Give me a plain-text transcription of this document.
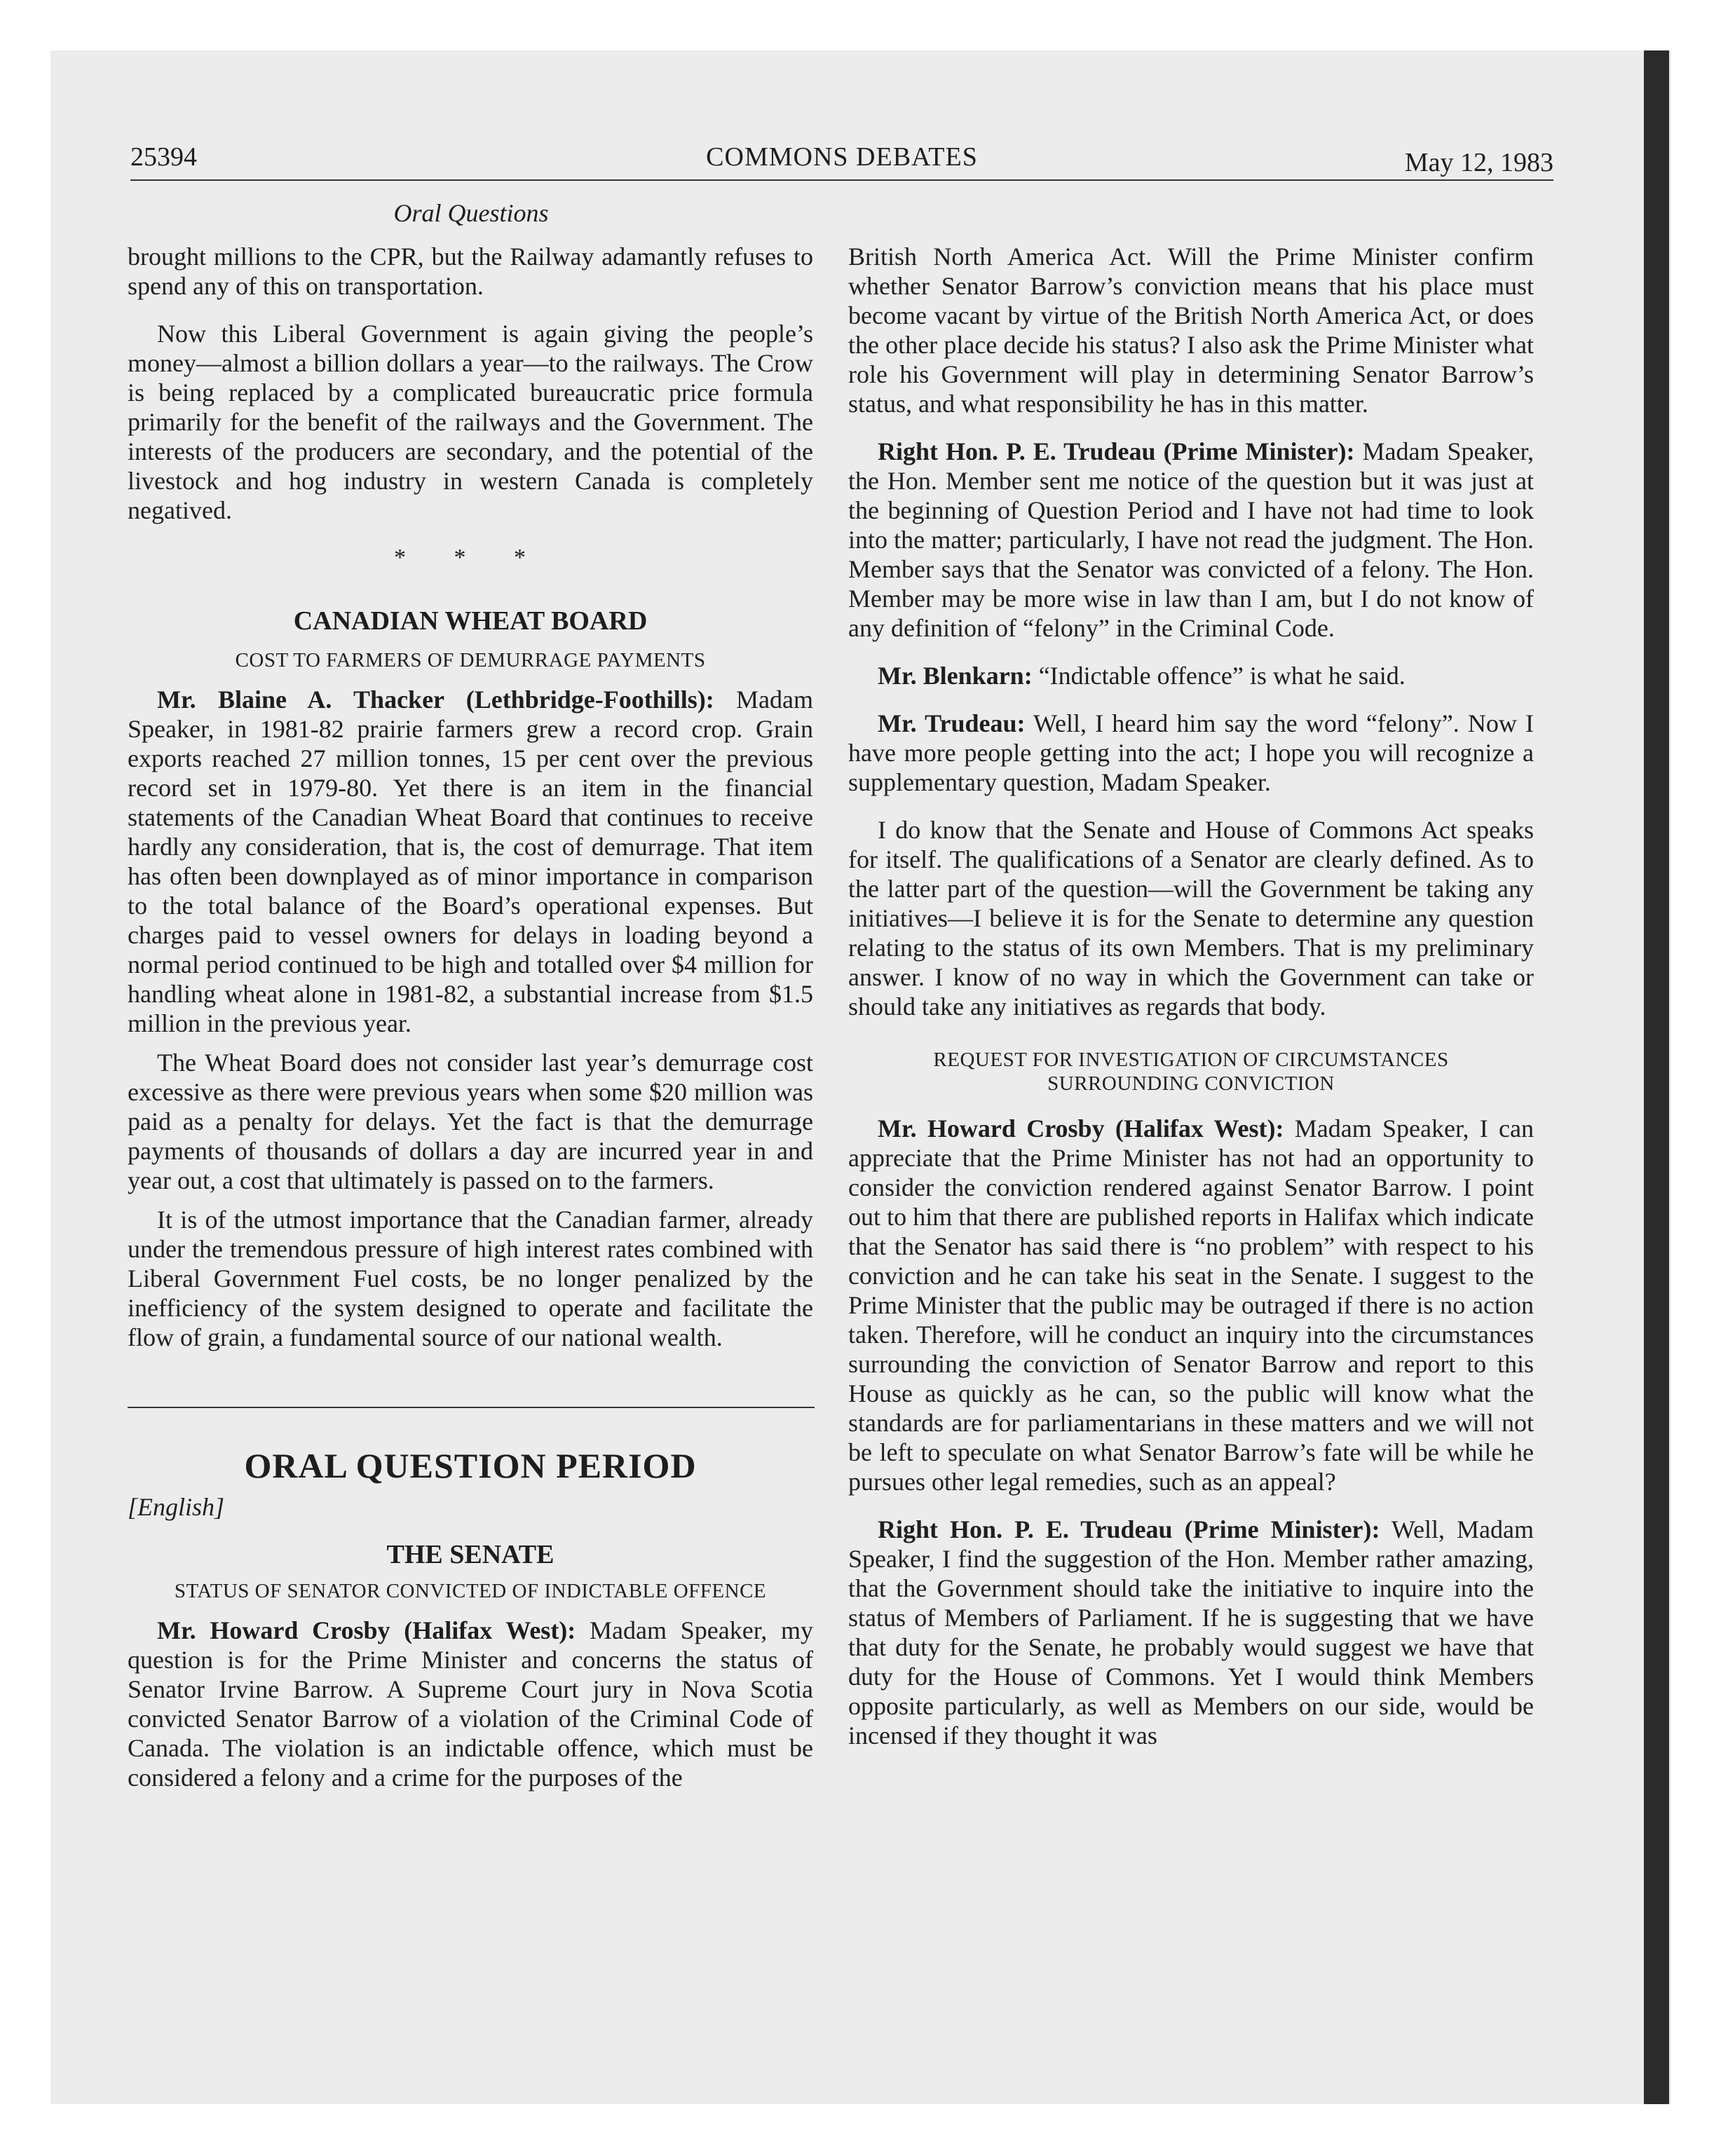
25394	COMMONS DEBATES	May 12, 1983
Oral Questions

brought millions to the CPR, but the Railway adamantly refuses to spend any of this on transportation.

Now this Liberal Government is again giving the people’s money—almost a billion dollars a year—to the railways. The Crow is being replaced by a complicated bureaucratic price formula primarily for the benefit of the railways and the Government. The interests of the producers are secondary, and the potential of the livestock and hog industry in western Canada is completely negatived.

* * *
CANADIAN WHEAT BOARD
COST TO FARMERS OF DEMURRAGE PAYMENTS

Mr. Blaine A. Thacker (Lethbridge-Foothills): Madam Speaker, in 1981-82 prairie farmers grew a record crop. Grain exports reached 27 million tonnes, 15 per cent over the previous record set in 1979-80. Yet there is an item in the financial statements of the Canadian Wheat Board that continues to receive hardly any consideration, that is, the cost of demurrage. That item has often been downplayed as of minor importance in comparison to the total balance of the Board’s operational expenses. But charges paid to vessel owners for delays in loading beyond a normal period continued to be high and totalled over $4 million for handling wheat alone in 1981-82, a substantial increase from $1.5 million in the previous year.

The Wheat Board does not consider last year’s demurrage cost excessive as there were previous years when some $20 million was paid as a penalty for delays. Yet the fact is that the demurrage payments of thousands of dollars a day are incurred year in and year out, a cost that ultimately is passed on to the farmers.

It is of the utmost importance that the Canadian farmer, already under the tremendous pressure of high interest rates combined with Liberal Government Fuel costs, be no longer penalized by the inefficiency of the system designed to operate and facilitate the flow of grain, a fundamental source of our national wealth.

ORAL QUESTION PERIOD
[English]
THE SENATE
STATUS OF SENATOR CONVICTED OF INDICTABLE OFFENCE

Mr. Howard Crosby (Halifax West): Madam Speaker, my question is for the Prime Minister and concerns the status of Senator Irvine Barrow. A Supreme Court jury in Nova Scotia convicted Senator Barrow of a violation of the Criminal Code of Canada. The violation is an indictable offence, which must be considered a felony and a crime for the purposes of the

British North America Act. Will the Prime Minister confirm whether Senator Barrow’s conviction means that his place must become vacant by virtue of the British North America Act, or does the other place decide his status? I also ask the Prime Minister what role his Government will play in determining Senator Barrow’s status, and what responsibility he has in this matter.

Right Hon. P. E. Trudeau (Prime Minister): Madam Speaker, the Hon. Member sent me notice of the question but it was just at the beginning of Question Period and I have not had time to look into the matter; particularly, I have not read the judgment. The Hon. Member says that the Senator was convicted of a felony. The Hon. Member may be more wise in law than I am, but I do not know of any definition of “felony” in the Criminal Code.

Mr. Blenkarn: “Indictable offence” is what he said.

Mr. Trudeau: Well, I heard him say the word “felony”. Now I have more people getting into the act; I hope you will recognize a supplementary question, Madam Speaker.

I do know that the Senate and House of Commons Act speaks for itself. The qualifications of a Senator are clearly defined. As to the latter part of the question—will the Government be taking any initiatives—I believe it is for the Senate to determine any question relating to the status of its own Members. That is my preliminary answer. I know of no way in which the Government can take or should take any initiatives as regards that body.

REQUEST FOR INVESTIGATION OF CIRCUMSTANCES SURROUNDING CONVICTION

Mr. Howard Crosby (Halifax West): Madam Speaker, I can appreciate that the Prime Minister has not had an opportunity to consider the conviction rendered against Senator Barrow. I point out to him that there are published reports in Halifax which indicate that the Senator has said there is “no problem” with respect to his conviction and he can take his seat in the Senate. I suggest to the Prime Minister that the public may be outraged if there is no action taken. Therefore, will he conduct an inquiry into the circumstances surrounding the conviction of Senator Barrow and report to this House as quickly as he can, so the public will know what the standards are for parliamentarians in these matters and we will not be left to speculate on what Senator Barrow’s fate will be while he pursues other legal remedies, such as an appeal?

Right Hon. P. E. Trudeau (Prime Minister): Well, Madam Speaker, I find the suggestion of the Hon. Member rather amazing, that the Government should take the initiative to inquire into the status of Members of Parliament. If he is suggesting that we have that duty for the Senate, he probably would suggest we have that duty for the House of Commons. Yet I would think Members opposite particularly, as well as Members on our side, would be incensed if they thought it was
